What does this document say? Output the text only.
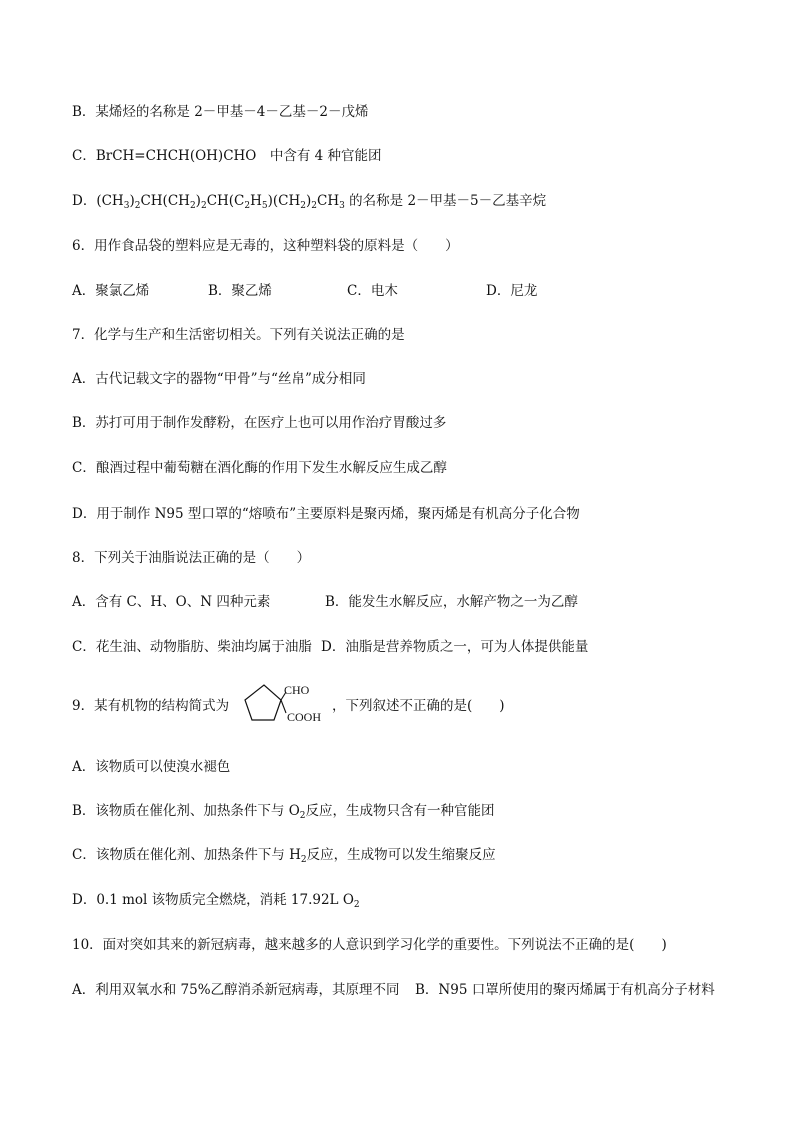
B．某烯烃的名称是 2－甲基－4－乙基－2－戊烯
C．BrCH=CHCH(OH)CHO　中含有 4 种官能团
D．$(CH_3)_2CH(CH_2)_2CH(C_2H_5)(CH_2)_2CH_3$ 的名称是 2－甲基－5－乙基辛烷
6．用作食品袋的塑料应是无毒的，这种塑料袋的原料是（　　）
A．聚氯乙烯	B．聚乙烯	C．电木	D．尼龙
7．化学与生产和生活密切相关。下列有关说法正确的是
A．古代记载文字的器物“甲骨”与“丝帛”成分相同
B．苏打可用于制作发酵粉，在医疗上也可以用作治疗胃酸过多
C．酿酒过程中葡萄糖在酒化酶的作用下发生水解反应生成乙醇
D．用于制作 N95 型口罩的“熔喷布”主要原料是聚丙烯，聚丙烯是有机高分子化合物
8．下列关于油脂说法正确的是（　　）
A．含有 C、H、O、N 四种元素	B．能发生水解反应，水解产物之一为乙醇
C．花生油、动物脂肪、柴油均属于油脂 D．油脂是营养物质之一，可为人体提供能量
9．某有机物的结构简式为
CHO
COOH
，下列叙述不正确的是(　　)
A．该物质可以使溴水褪色
B．该物质在催化剂、加热条件下与 $O_2$反应，生成物只含有一种官能团
C．该物质在催化剂、加热条件下与 $H_2$反应，生成物可以发生缩聚反应
D．0.1 mol 该物质完全燃烧，消耗 17.92L $O_2$
10．面对突如其来的新冠病毒，越来越多的人意识到学习化学的重要性。下列说法不正确的是(　　)
A．利用双氧水和 75%乙醇消杀新冠病毒，其原理不同 B．N95 口罩所使用的聚丙烯属于有机高分子材料
